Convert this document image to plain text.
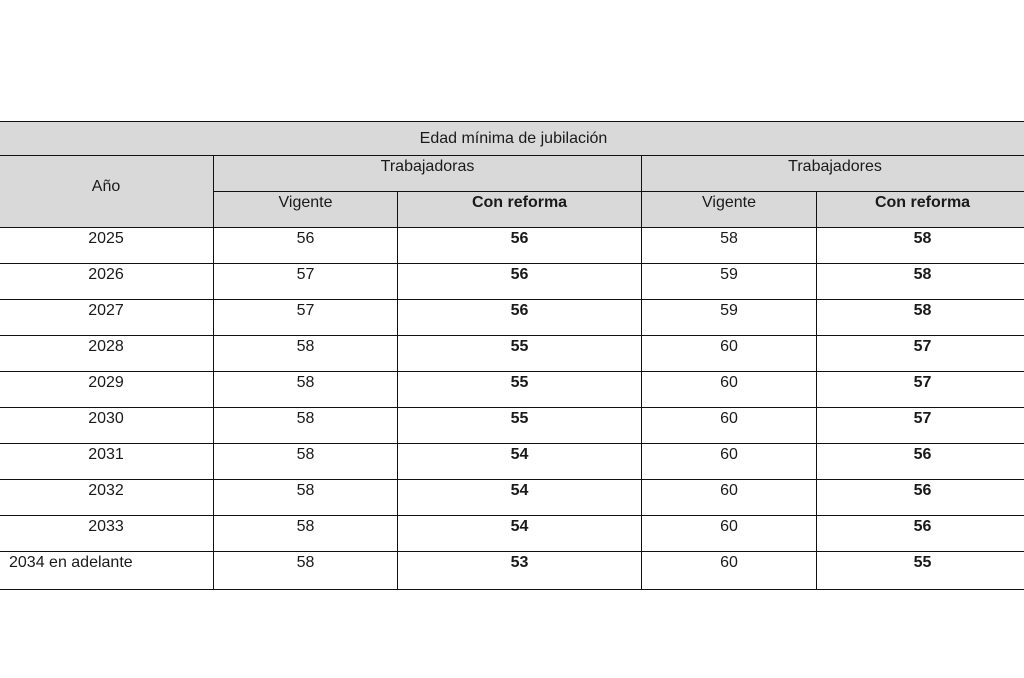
Edad mínima de jubilación				
Año	Trabajadoras		Trabajadores	
	Vigente	Con reforma	Vigente	Con reforma
2025	56	56	58	58
2026	57	56	59	58
2027	57	56	59	58
2028	58	55	60	57
2029	58	55	60	57
2030	58	55	60	57
2031	58	54	60	56
2032	58	54	60	56
2033	58	54	60	56
2034 en adelante	58	53	60	55
